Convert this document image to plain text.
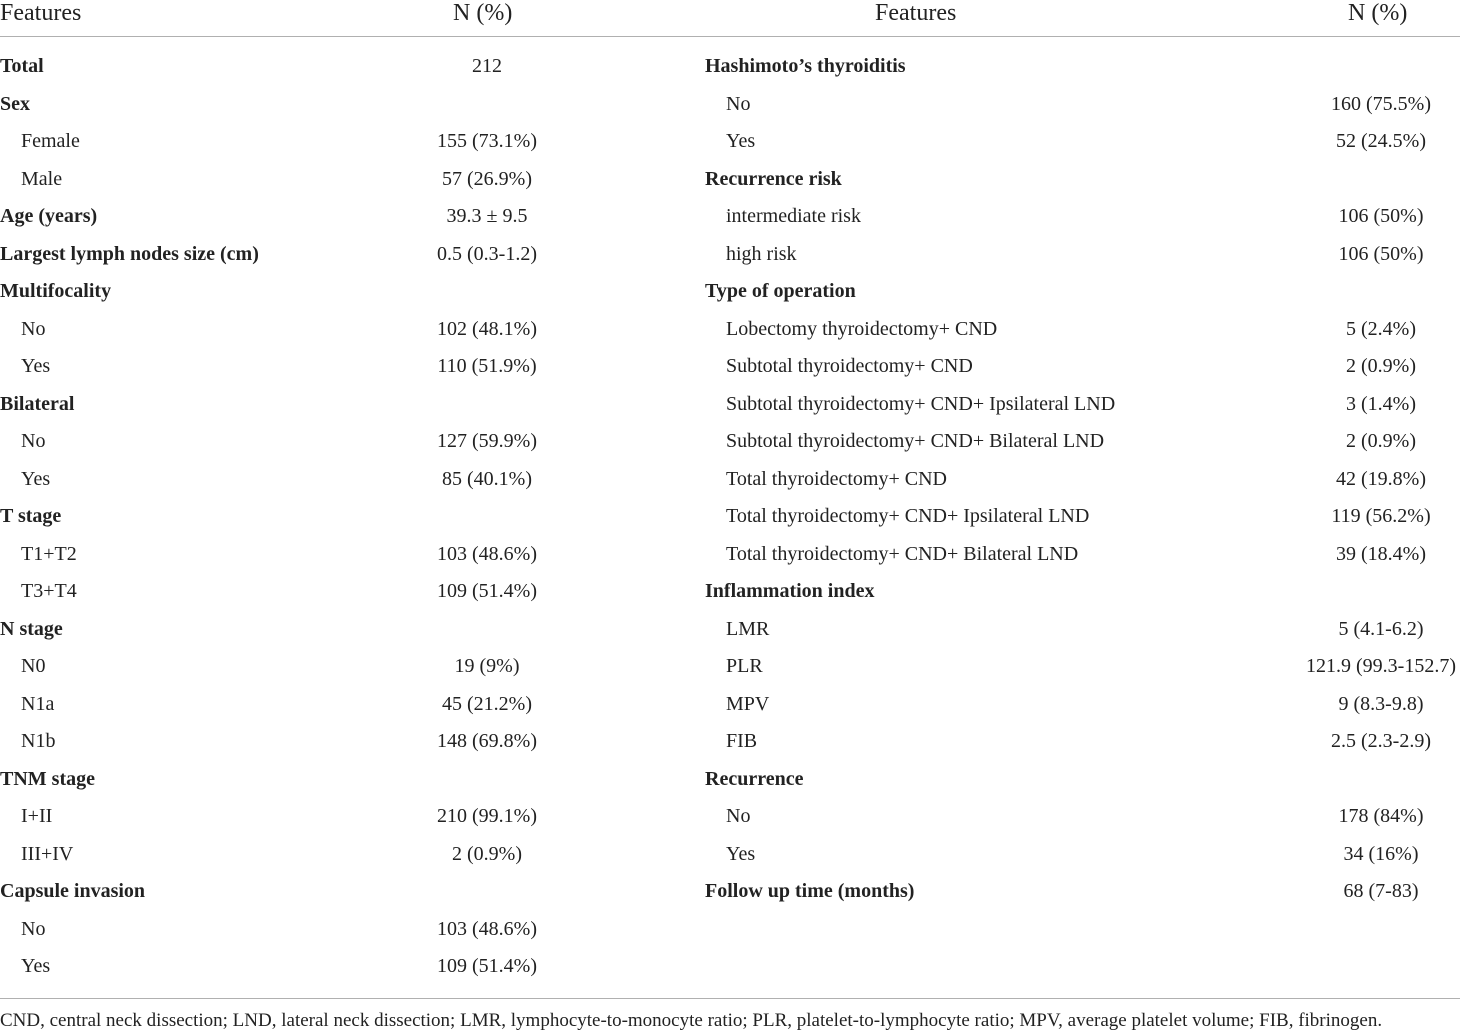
Features	N (%)	Features	N (%)
Total	212
Sex
Female	155 (73.1%)
Male	57 (26.9%)
Age (years)	39.3 ± 9.5
Largest lymph nodes size (cm)	0.5 (0.3-1.2)
Multifocality
No	102 (48.1%)
Yes	110 (51.9%)
Bilateral
No	127 (59.9%)
Yes	85 (40.1%)
T stage
T1+T2	103 (48.6%)
T3+T4	109 (51.4%)
N stage
N0	19 (9%)
N1a	45 (21.2%)
N1b	148 (69.8%)
TNM stage
I+II	210 (99.1%)
III+IV	2 (0.9%)
Capsule invasion
No	103 (48.6%)
Yes	109 (51.4%)
Hashimoto’s thyroiditis
No	160 (75.5%)
Yes	52 (24.5%)
Recurrence risk
intermediate risk	106 (50%)
high risk	106 (50%)
Type of operation
Lobectomy thyroidectomy+ CND	5 (2.4%)
Subtotal thyroidectomy+ CND	2 (0.9%)
Subtotal thyroidectomy+ CND+ Ipsilateral LND	3 (1.4%)
Subtotal thyroidectomy+ CND+ Bilateral LND	2 (0.9%)
Total thyroidectomy+ CND	42 (19.8%)
Total thyroidectomy+ CND+ Ipsilateral LND	119 (56.2%)
Total thyroidectomy+ CND+ Bilateral LND	39 (18.4%)
Inflammation index
LMR	5 (4.1-6.2)
PLR	121.9 (99.3-152.7)
MPV	9 (8.3-9.8)
FIB	2.5 (2.3-2.9)
Recurrence
No	178 (84%)
Yes	34 (16%)
Follow up time (months)	68 (7-83)
CND, central neck dissection; LND, lateral neck dissection; LMR, lymphocyte-to-monocyte ratio; PLR, platelet-to-lymphocyte ratio; MPV, average platelet volume; FIB, fibrinogen.
